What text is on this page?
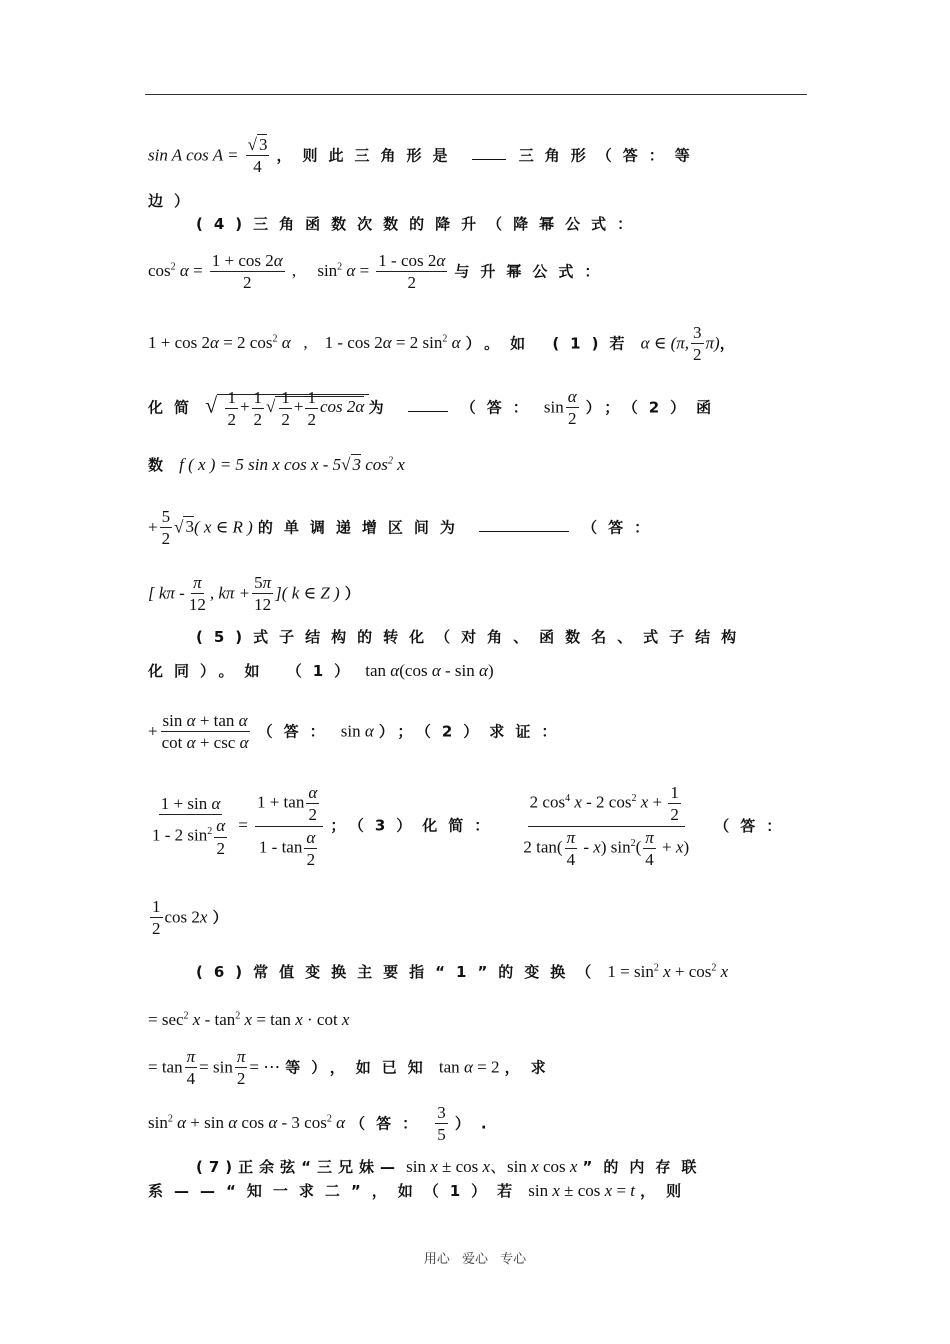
sin A $\cos A = \frac{√ 3}{4}$ ，则此三角形是	三角形（答：等
边）
(4)三角函数次数的降升（降幂公式：
$\cos^2 \alpha = \frac{1 + \cos 2\alpha}{2}$ ,     $\sin^2 \alpha = \frac{1 - \cos 2\alpha}{2}$ 与升幂公式：
1 + cos 2α = 2 $\cos^2 \alpha$   ,    1 - cos 2α = 2 $\sin^2 \alpha$ ）。如 (1)若 α ∈ (π, $\frac{3}{2} \pi$)，
化简 √ $\frac{1}{2} + \frac{1}{2}$ √ $\frac{1}{2} + \frac{1}{2}$ cos 2α 为	（答： $\sin \frac{\alpha}{2}$ ）；（2）函
数 f ( x ) = 5 sin x cos x - 5√ 3 $\cos^2 x$
+ $\frac{5}{2}$ √ 3( x ∈ R ) 的单调递增区间为	（答：
[ kπ - $\frac{\pi}{12}$ , $k\pi + \frac{5\pi}{12}$ ]( k ∈ Z ) ）
(5)式子结构的转化（对角、函数名、式子结构
化同）。如 （1） tan α(cos α - sin α)
+ $\frac{\text{sin α + tan α}}{\text{cot α + csc α}}$ （答： sin α ）；（2）求证：
$\frac{\text{1 + sin α}}{1 - 2 \sin^2 \frac{\alpha}{2}} = \frac{1 + \tan \frac{\alpha}{2}}{1 - \tan \frac{\alpha}{2}}$ ；（3）化简： $\frac{2 \cos^4 x - 2 \cos^2 x + \frac{1}{2}}{2 \tan( \frac{\pi}{4} - x) \sin^2( \frac{\pi}{4} + x)}$ （答：
$\frac{1}{2}$ cos 2x ）
(6)常值变换主要指“1”的变换（ $1 = \sin^2 x + \cos^2 x$
= $\sec^2 x - \tan^2 x = \tan x \cdot \cot x$
= $\tan \frac{\pi}{4} = \sin \frac{\pi}{2}$ = ⋯ 等），如已知 tan α = 2 ，求
$\sin^2 \alpha + \sin \alpha$ cos α - 3 $\cos^2 \alpha$ （答： $\frac{3}{5}$ ）.
(7)正余弦“三兄妹— sin x ± cos x、sin x cos x ”的内存联
系——“知一求二”，如（1）若 sin x ± cos x = t ，则
用心 爱心 专心
